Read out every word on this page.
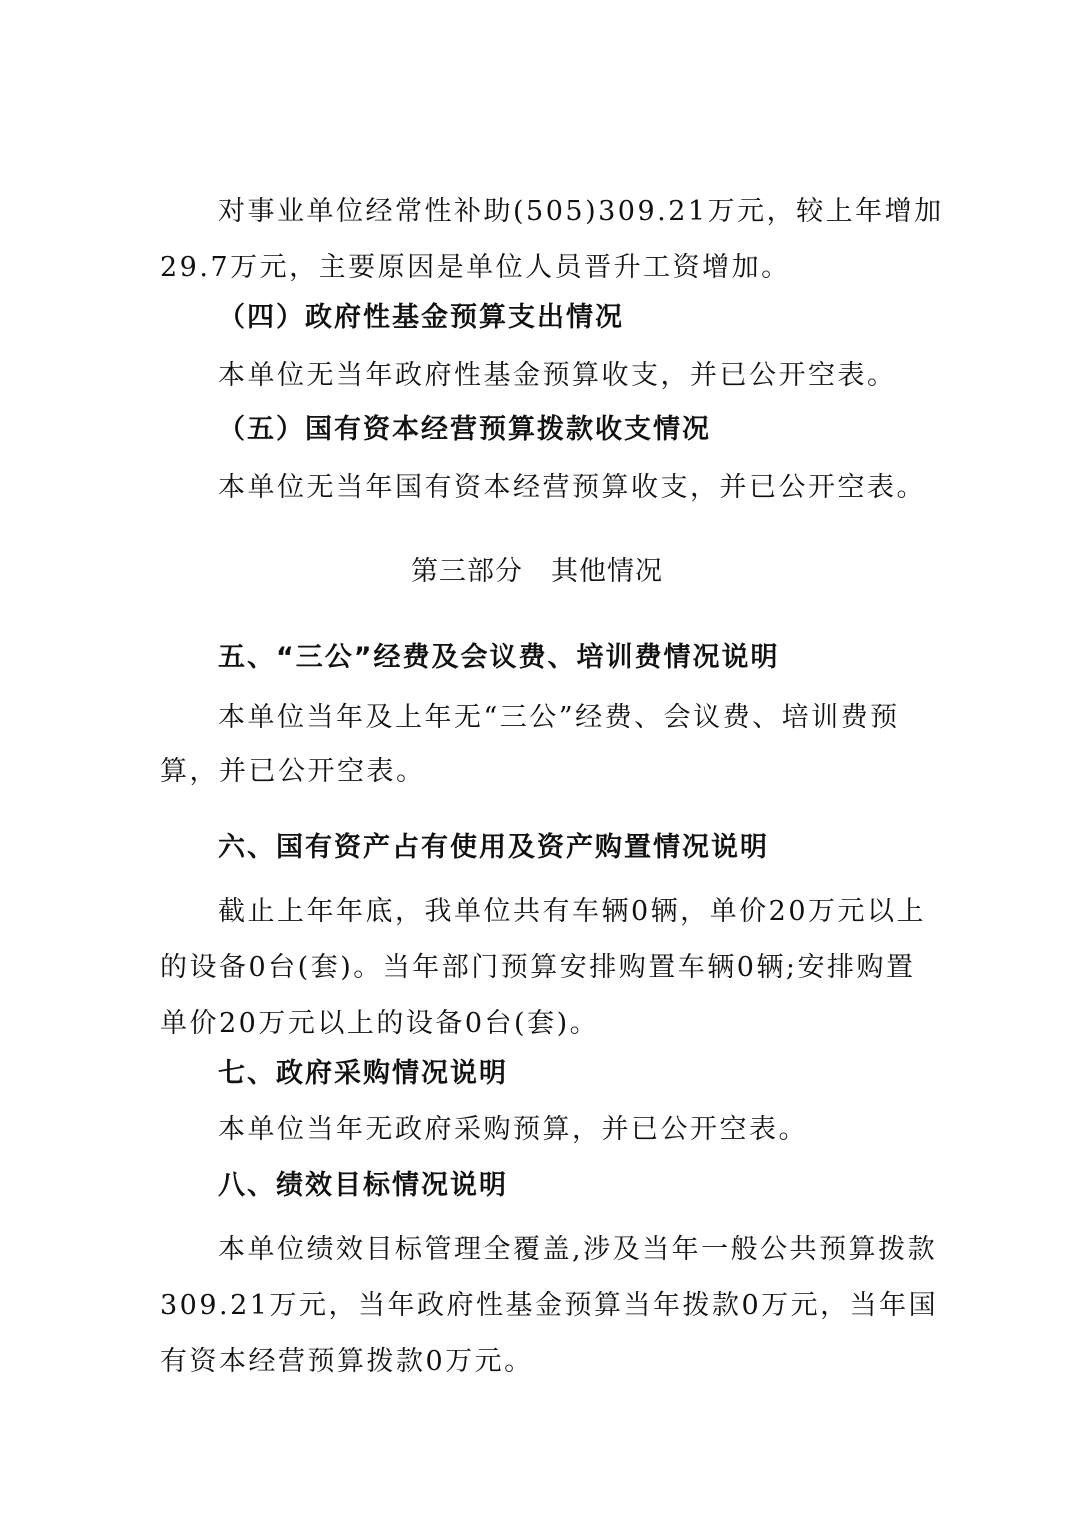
对事业单位经常性补助(505)309.21万元，较上年增加
29.7万元，主要原因是单位人员晋升工资增加。
（四）政府性基金预算支出情况
本单位无当年政府性基金预算收支，并已公开空表。
（五）国有资本经营预算拨款收支情况
本单位无当年国有资本经营预算收支，并已公开空表。
第三部分　其他情况
五、“三公”经费及会议费、培训费情况说明
本单位当年及上年无“三公”经费、会议费、培训费预
算，并已公开空表。
六、国有资产占有使用及资产购置情况说明
截止上年年底，我单位共有车辆0辆，单价20万元以上
的设备0台(套)。当年部门预算安排购置车辆0辆;安排购置
单价20万元以上的设备0台(套)。
七、政府采购情况说明
本单位当年无政府采购预算，并已公开空表。
八、绩效目标情况说明
本单位绩效目标管理全覆盖,涉及当年一般公共预算拨款
309.21万元，当年政府性基金预算当年拨款0万元，当年国
有资本经营预算拨款0万元。
